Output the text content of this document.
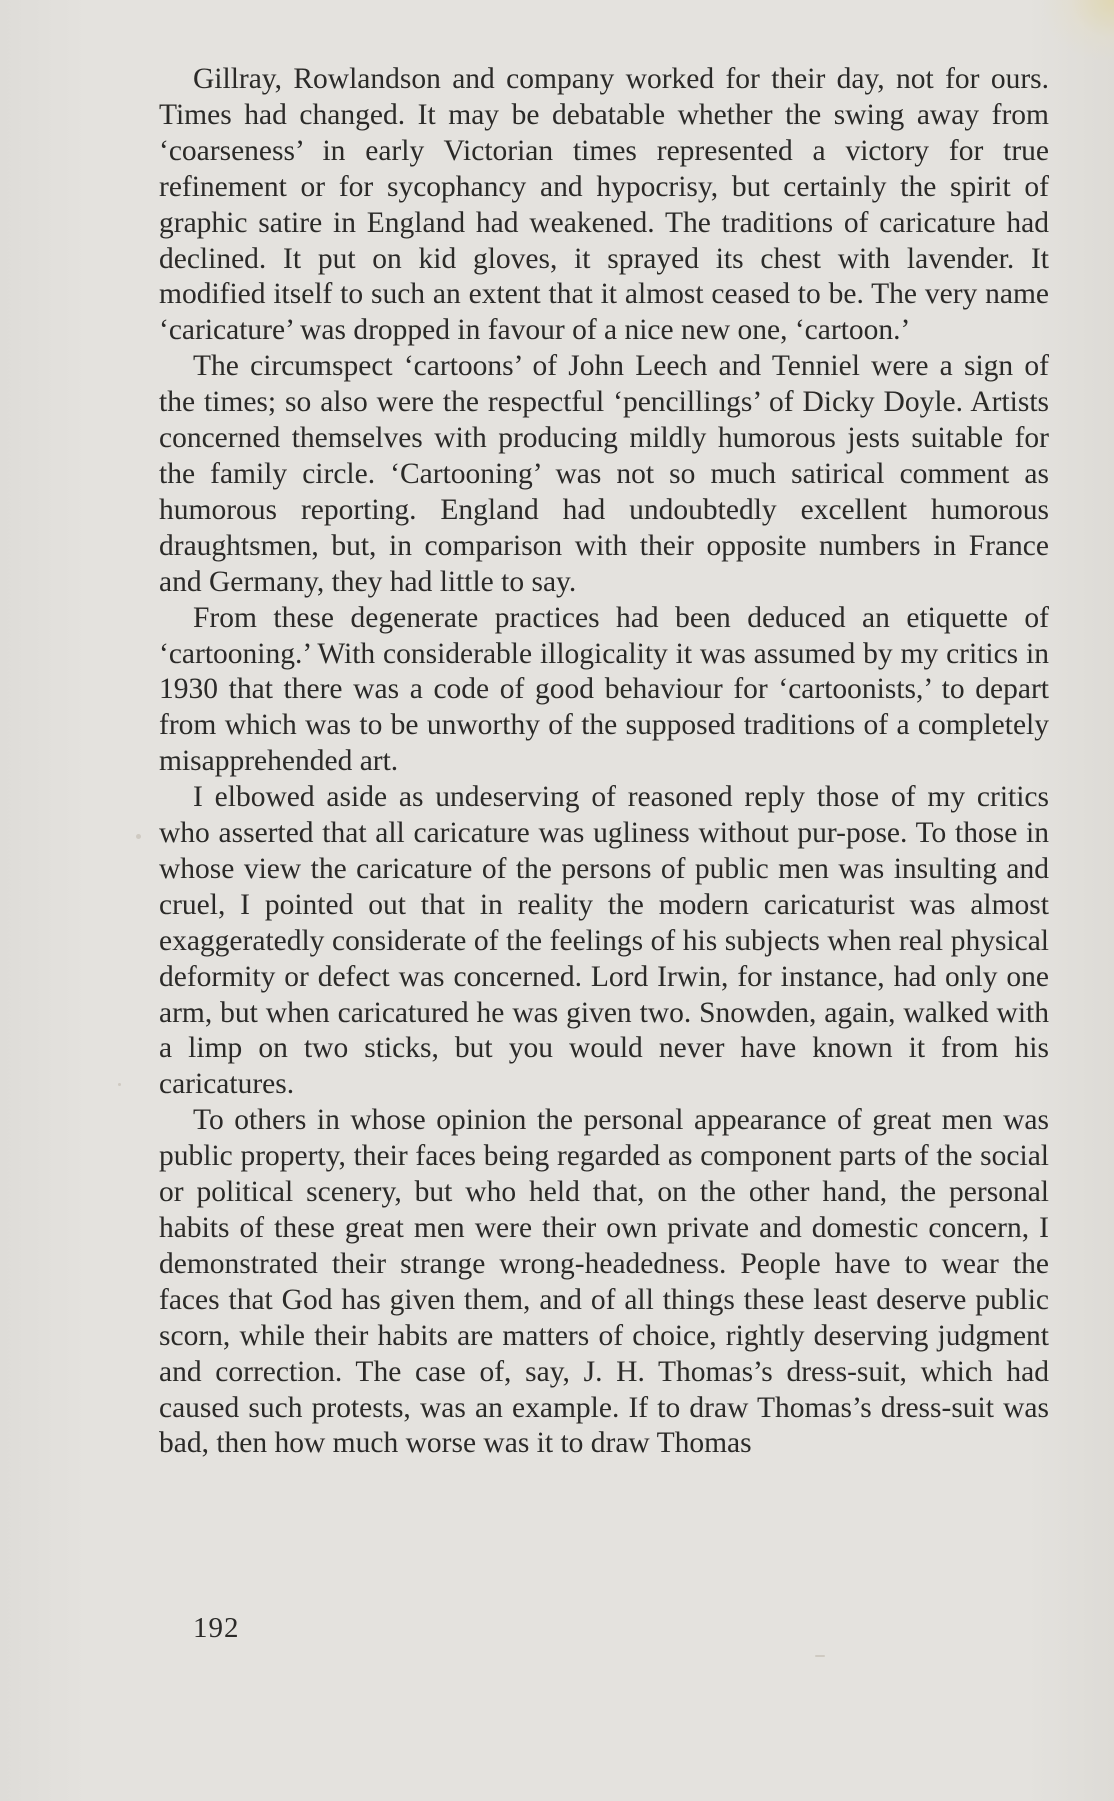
Gillray, Rowlandson and company worked for their day, not for ours. Times had changed. It may be debatable whether the swing away from ‘coarseness’ in early Victorian times represented a victory for true refinement or for sycophancy and hypocrisy, but certainly the spirit of graphic satire in England had weakened. The traditions of caricature had declined. It put on kid gloves, it sprayed its chest with lavender. It modified itself to such an extent that it almost ceased to be. The very name ‘caricature’ was dropped in favour of a nice new one, ‘cartoon.’

The circumspect ‘cartoons’ of John Leech and Tenniel were a sign of the times; so also were the respectful ‘pencillings’ of Dicky Doyle. Artists concerned themselves with producing mildly humorous jests suitable for the family circle. ‘Cartooning’ was not so much satirical comment as humorous reporting. England had undoubtedly excellent humorous draughtsmen, but, in comparison with their opposite numbers in France and Germany, they had little to say.

From these degenerate practices had been deduced an etiquette of ‘cartooning.’ With considerable illogicality it was assumed by my critics in 1930 that there was a code of good behaviour for ‘cartoonists,’ to depart from which was to be unworthy of the supposed traditions of a completely misapprehended art.

I elbowed aside as undeserving of reasoned reply those of my critics who asserted that all caricature was ugliness without pur-pose. To those in whose view the caricature of the persons of public men was insulting and cruel, I pointed out that in reality the modern caricaturist was almost exaggeratedly considerate of the feelings of his subjects when real physical deformity or defect was concerned. Lord Irwin, for instance, had only one arm, but when caricatured he was given two. Snowden, again, walked with a limp on two sticks, but you would never have known it from his caricatures.

To others in whose opinion the personal appearance of great men was public property, their faces being regarded as component parts of the social or political scenery, but who held that, on the other hand, the personal habits of these great men were their own private and domestic concern, I demonstrated their strange wrong-headedness. People have to wear the faces that God has given them, and of all things these least deserve public scorn, while their habits are matters of choice, rightly deserving judgment and correction. The case of, say, J. H. Thomas’s dress-suit, which had caused such protests, was an example. If to draw Thomas’s dress-suit was bad, then how much worse was it to draw Thomas

192
